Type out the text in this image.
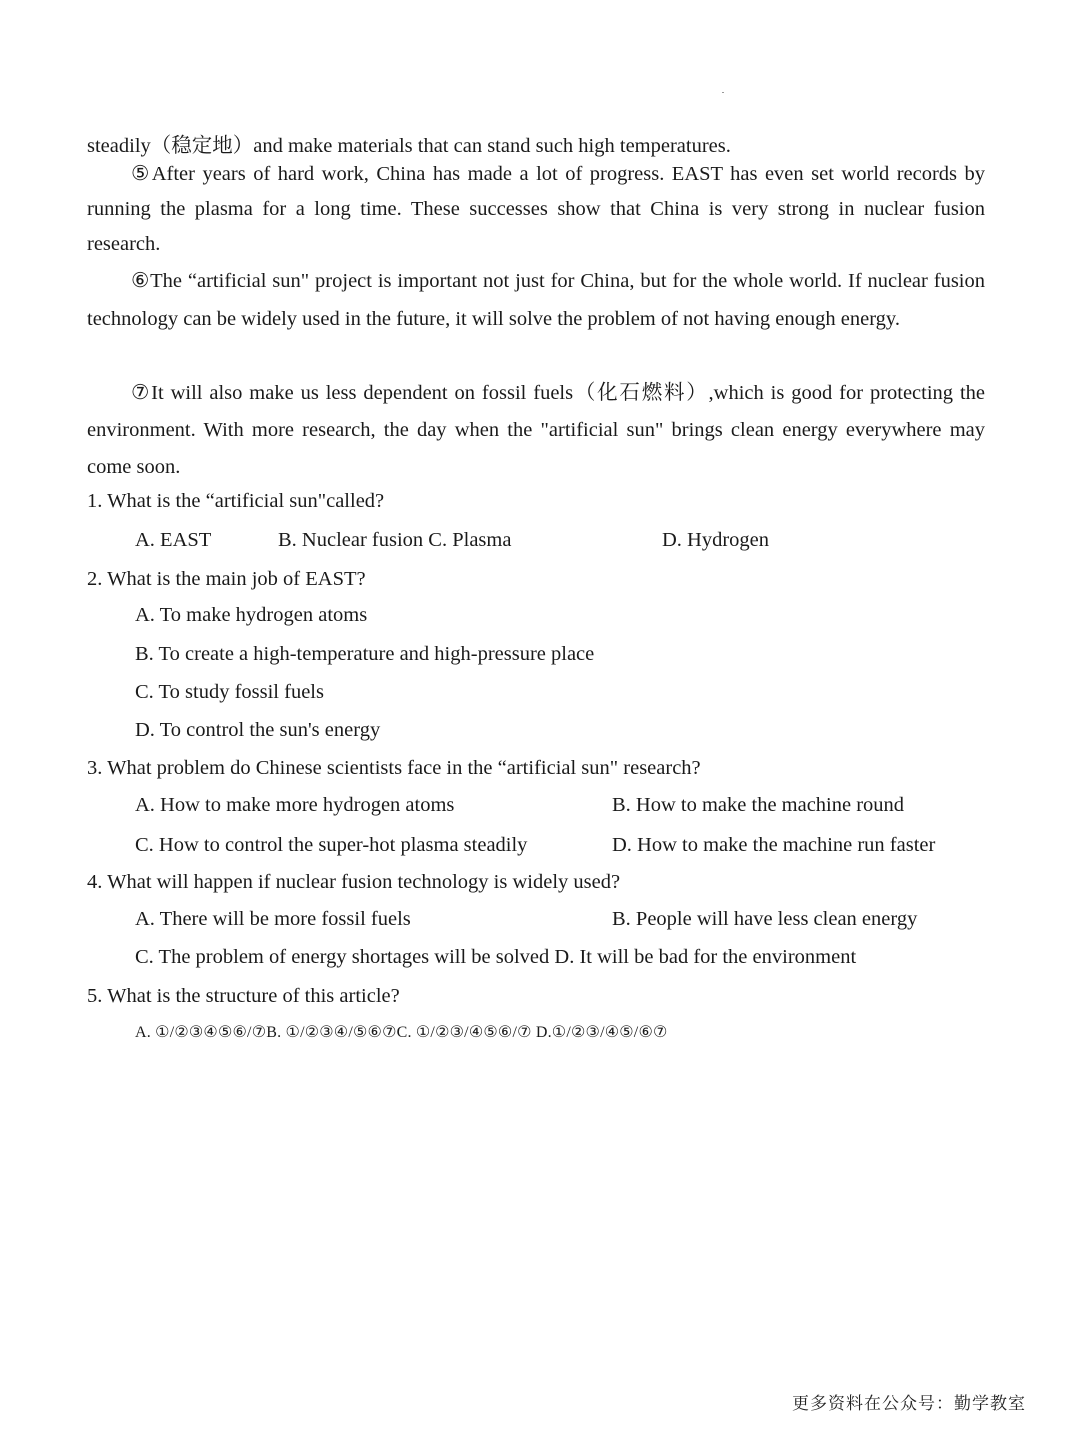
steadily（稳定地）and make materials that can stand such high temperatures.

⑤After years of hard work, China has made a lot of progress. EAST has even set world records by running the plasma for a long time. These successes show that China is very strong in nuclear fusion research.

⑥The “artificial sun" project is important not just for China, but for the whole world. If nuclear fusion technology can be widely used in the future, it will solve the problem of not having enough energy.

⑦It will also make us less dependent on fossil fuels（化石燃料）,which is good for protecting the environment. With more research, the day when the "artificial sun" brings clean energy everywhere may come soon.

1. What is the “artificial sun"called?
A. EAST	B. Nuclear fusion C. Plasma	D. Hydrogen
2. What is the main job of EAST?
A. To make hydrogen atoms
B. To create a high-temperature and high-pressure place
C. To study fossil fuels
D. To control the sun's energy
3. What problem do Chinese scientists face in the “artificial sun" research?
A. How to make more hydrogen atoms	B. How to make the machine round
C. How to control the super-hot plasma steadily	D. How to make the machine run faster
4. What will happen if nuclear fusion technology is widely used?
A. There will be more fossil fuels	B. People will have less clean energy
C. The problem of energy shortages will be solved D. It will be bad for the environment
5. What is the structure of this article?
A. ①/②③④⑤⑥/⑦B. ①/②③④/⑤⑥⑦C. ①/②③/④⑤⑥/⑦ D.①/②③/④⑤/⑥⑦
更多资料在公众号：勤学教室
